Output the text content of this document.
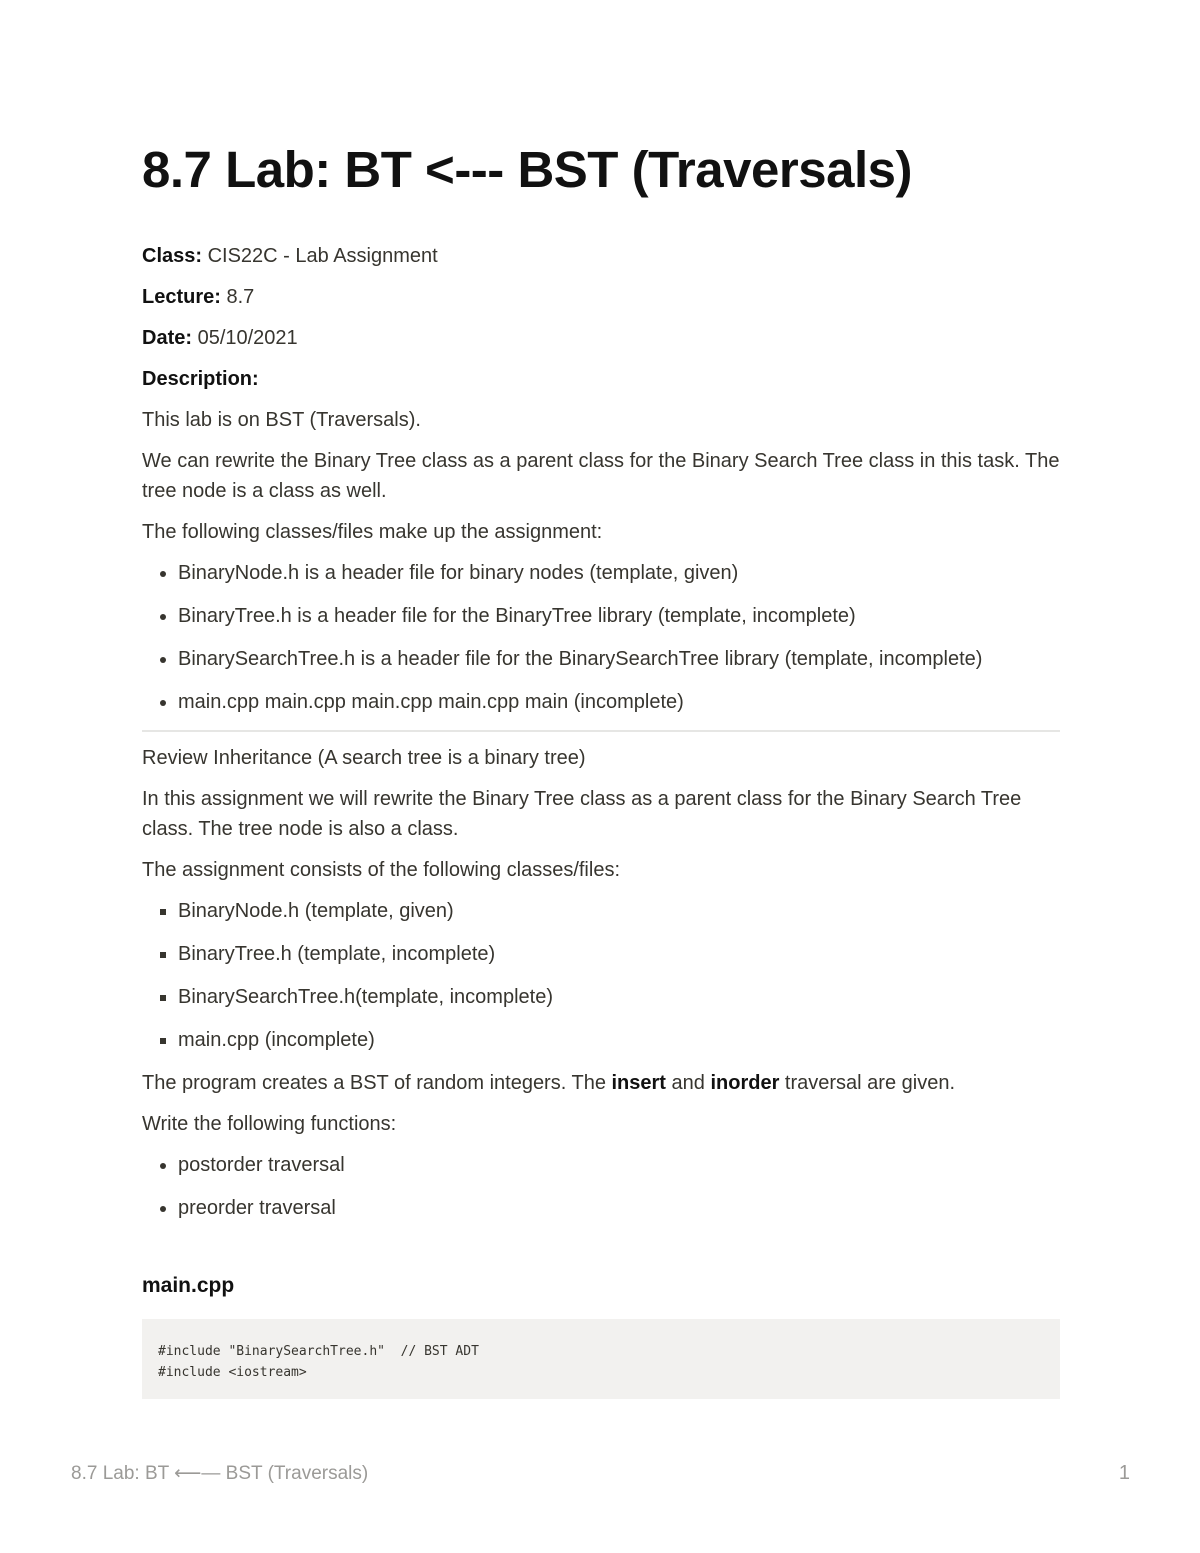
8.7 Lab: BT <--- BST (Traversals)

Class: CIS22C - Lab Assignment

Lecture: 8.7

Date: 05/10/2021

Description:

This lab is on BST (Traversals).

We can rewrite the Binary Tree class as a parent class for the Binary Search Tree class in this task. The tree node is a class as well.

The following classes/files make up the assignment:

• BinaryNode.h is a header file for binary nodes (template, given)
• BinaryTree.h is a header file for the BinaryTree library (template, incomplete)
• BinarySearchTree.h is a header file for the BinarySearchTree library (template, incomplete)
• main.cpp main.cpp main.cpp main.cpp main (incomplete)

Review Inheritance (A search tree is a binary tree)

In this assignment we will rewrite the Binary Tree class as a parent class for the Binary Search Tree class. The tree node is also a class.

The assignment consists of the following classes/files:

▪ BinaryNode.h (template, given)
▪ BinaryTree.h (template, incomplete)
▪ BinarySearchTree.h(template, incomplete)
▪ main.cpp (incomplete)

The program creates a BST of random integers. The insert and inorder traversal are given.

Write the following functions:

• postorder traversal
• preorder traversal
main.cpp
#include "BinarySearchTree.h"  // BST ADT
#include <iostream>
8.7 Lab: BT ⟵— BST (Traversals)	1
